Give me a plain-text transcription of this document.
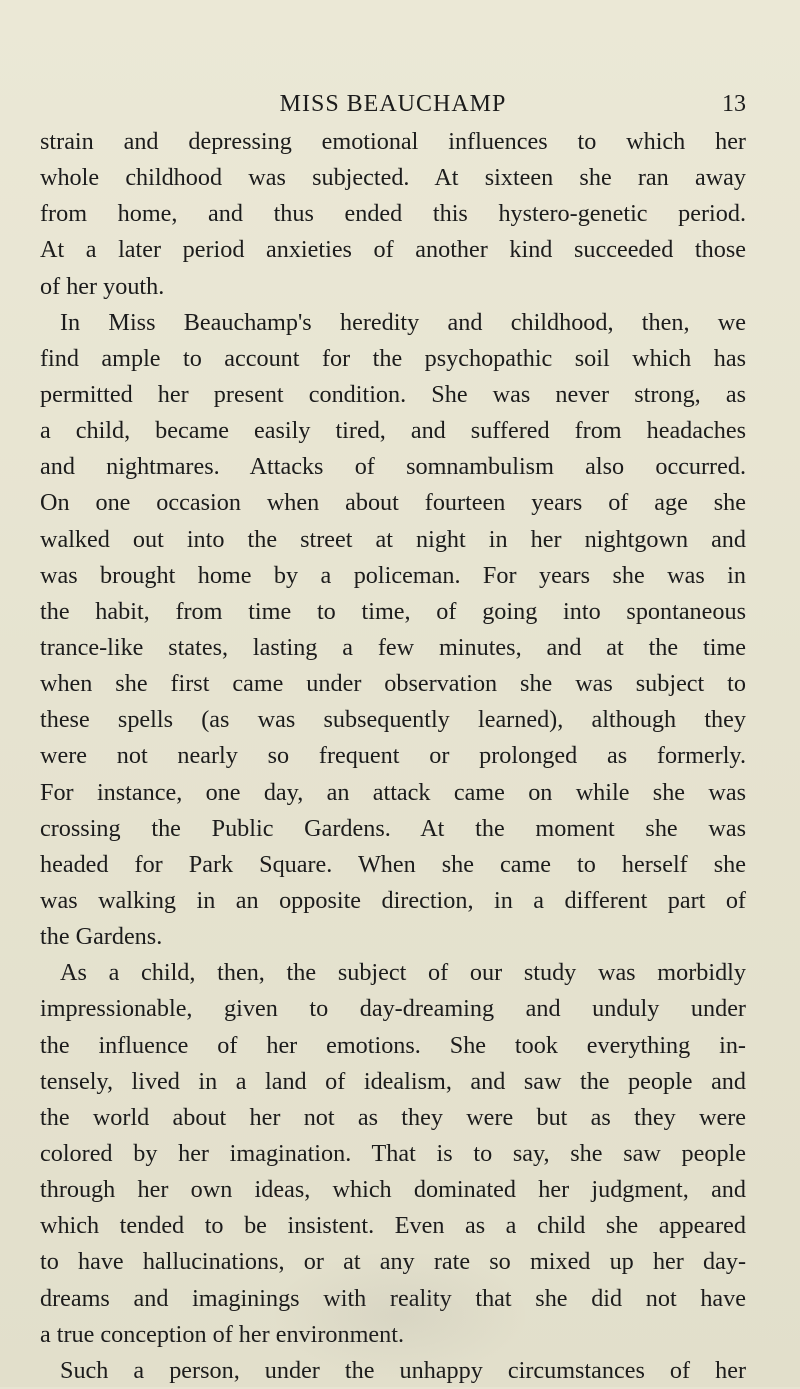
MISS BEAUCHAMP	13
strain and depressing emotional influences to which her
whole childhood was subjected. At sixteen she ran away
from home, and thus ended this hystero-genetic period.
At a later period anxieties of another kind succeeded those
of her youth.
In Miss Beauchamp's heredity and childhood, then, we
find ample to account for the psychopathic soil which has
permitted her present condition. She was never strong, as
a child, became easily tired, and suffered from headaches
and nightmares. Attacks of somnambulism also occurred.
On one occasion when about fourteen years of age she
walked out into the street at night in her nightgown and
was brought home by a policeman. For years she was in
the habit, from time to time, of going into spontaneous
trance-like states, lasting a few minutes, and at the time
when she first came under observation she was subject to
these spells (as was subsequently learned), although they
were not nearly so frequent or prolonged as formerly.
For instance, one day, an attack came on while she was
crossing the Public Gardens. At the moment she was
headed for Park Square. When she came to herself she
was walking in an opposite direction, in a different part of
the Gardens.
As a child, then, the subject of our study was morbidly
impressionable, given to day-dreaming and unduly under
the influence of her emotions. She took everything in-
tensely, lived in a land of idealism, and saw the people and
the world about her not as they were but as they were
colored by her imagination. That is to say, she saw people
through her own ideas, which dominated her judgment, and
which tended to be insistent. Even as a child she appeared
to have hallucinations, or at any rate so mixed up her day-
dreams and imaginings with reality that she did not have
a true conception of her environment.
Such a person, under the unhappy circumstances of her
